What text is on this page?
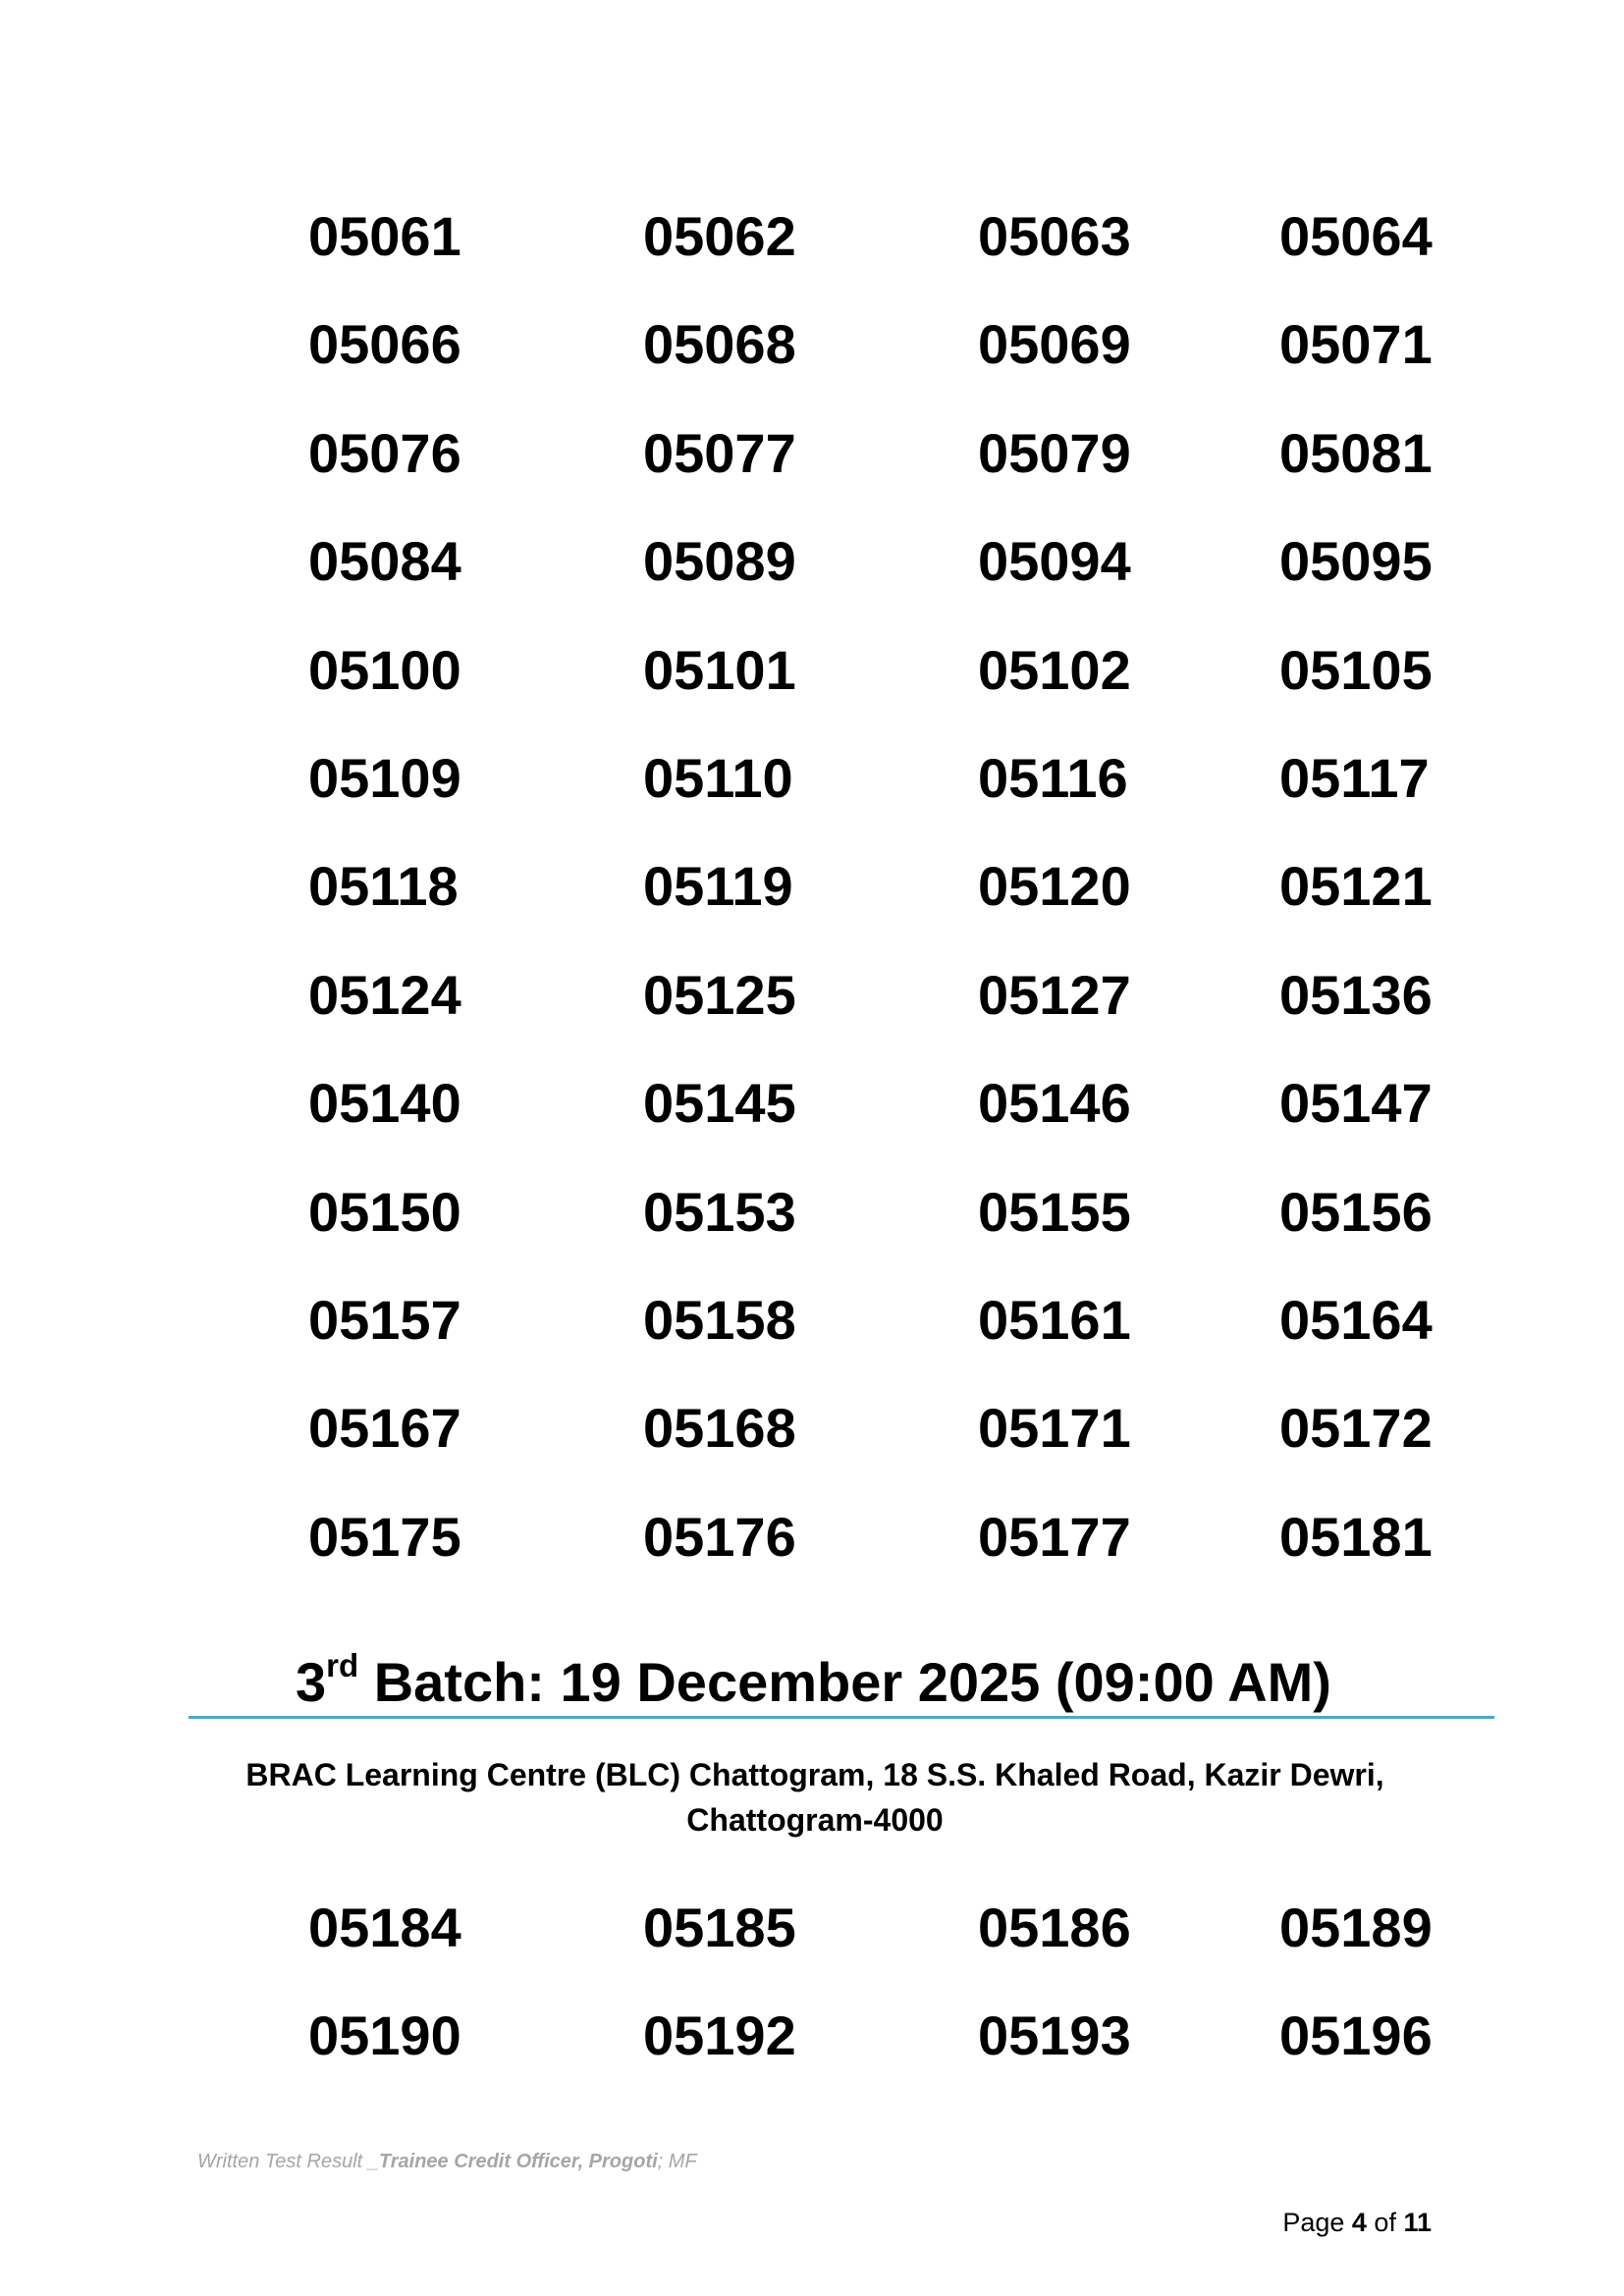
05061	05062	05063	05064
05066	05068	05069	05071
05076	05077	05079	05081
05084	05089	05094	05095
05100	05101	05102	05105
05109	05110	05116	05117
05118	05119	05120	05121
05124	05125	05127	05136
05140	05145	05146	05147
05150	05153	05155	05156
05157	05158	05161	05164
05167	05168	05171	05172
05175	05176	05177	05181
3rd Batch: 19 December 2025 (09:00 AM)
BRAC Learning Centre (BLC) Chattogram, 18 S.S. Khaled Road, Kazir Dewri,
Chattogram-4000
05184	05185	05186	05189
05190	05192	05193	05196
Written Test Result _Trainee Credit Officer, Progoti; MF
Page 4 of 11
